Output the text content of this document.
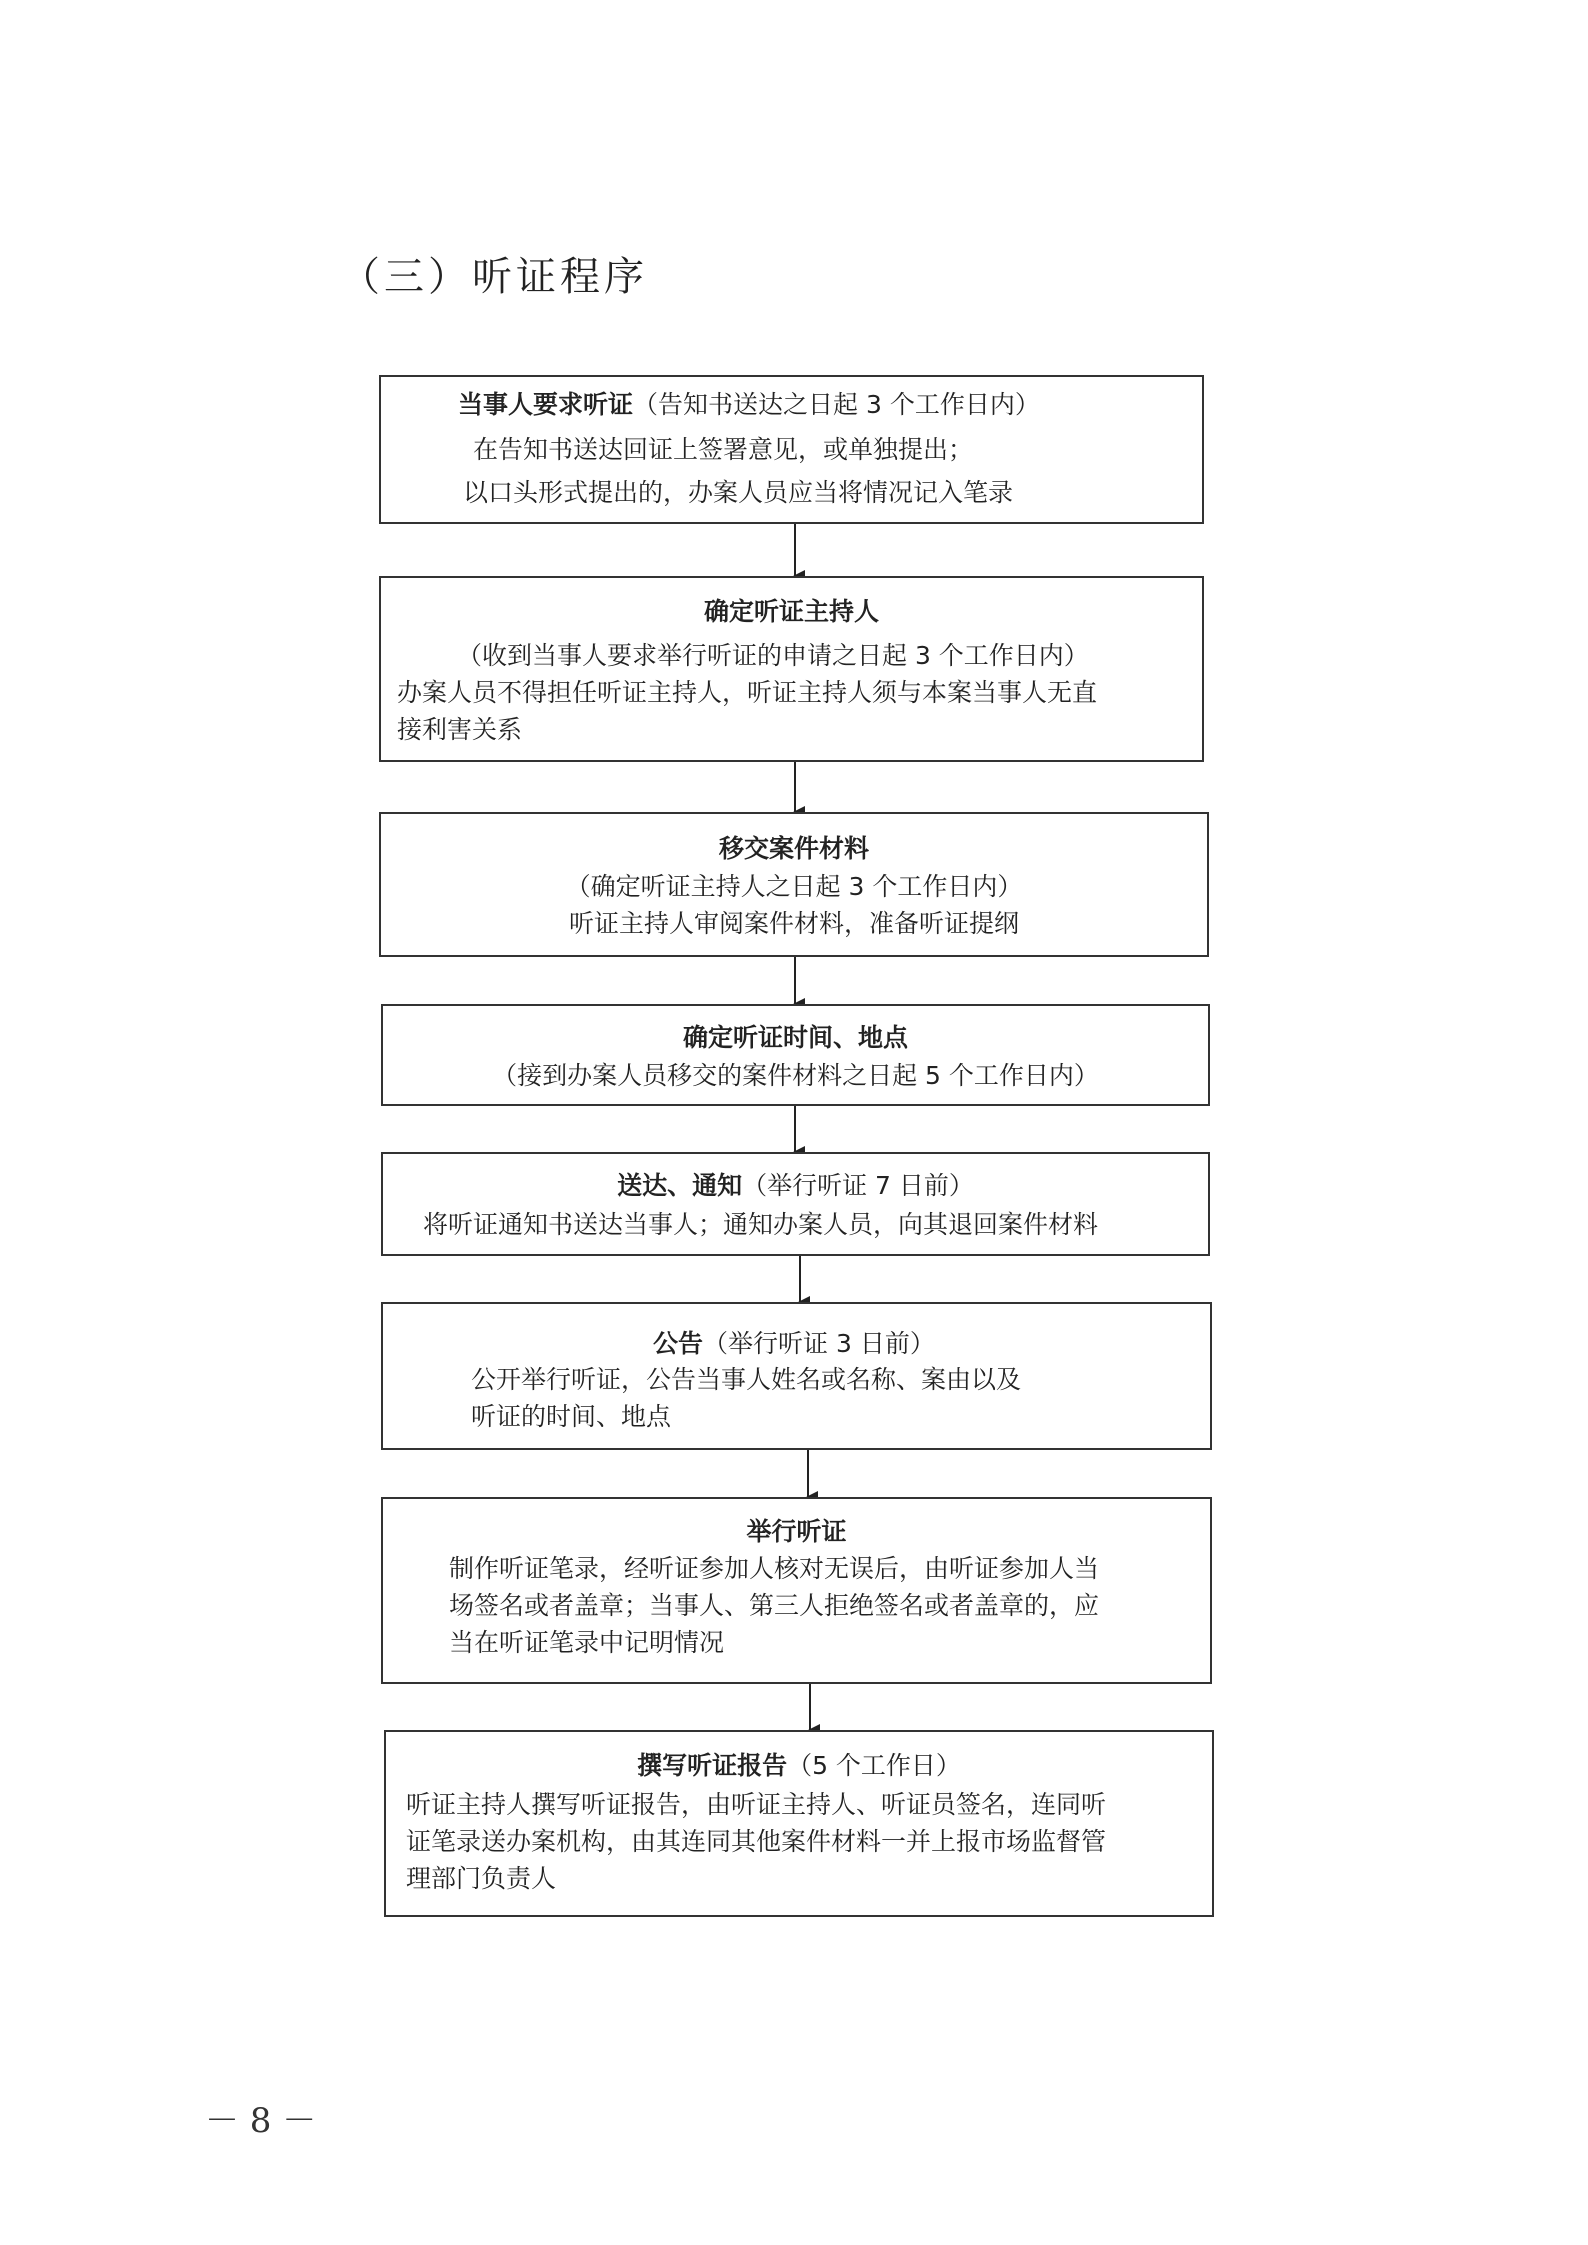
（三）听证程序
当事人要求听证（告知书送达之日起 3 个工作日内）
在告知书送达回证上签署意见，或单独提出；
以口头形式提出的，办案人员应当将情况记入笔录
确定听证主持人
（收到当事人要求举行听证的申请之日起 3 个工作日内）
办案人员不得担任听证主持人，听证主持人须与本案当事人无直
接利害关系
移交案件材料
（确定听证主持人之日起 3 个工作日内）
听证主持人审阅案件材料，准备听证提纲
确定听证时间、地点
（接到办案人员移交的案件材料之日起 5 个工作日内）
送达、通知（举行听证 7 日前）
将听证通知书送达当事人；通知办案人员，向其退回案件材料
公告（举行听证 3 日前）
公开举行听证，公告当事人姓名或名称、案由以及
听证的时间、地点
举行听证
制作听证笔录，经听证参加人核对无误后，由听证参加人当
场签名或者盖章；当事人、第三人拒绝签名或者盖章的，应
当在听证笔录中记明情况
撰写听证报告（5 个工作日）
听证主持人撰写听证报告，由听证主持人、听证员签名，连同听
证笔录送办案机构，由其连同其他案件材料一并上报市场监督管
理部门负责人
－ 8 －
